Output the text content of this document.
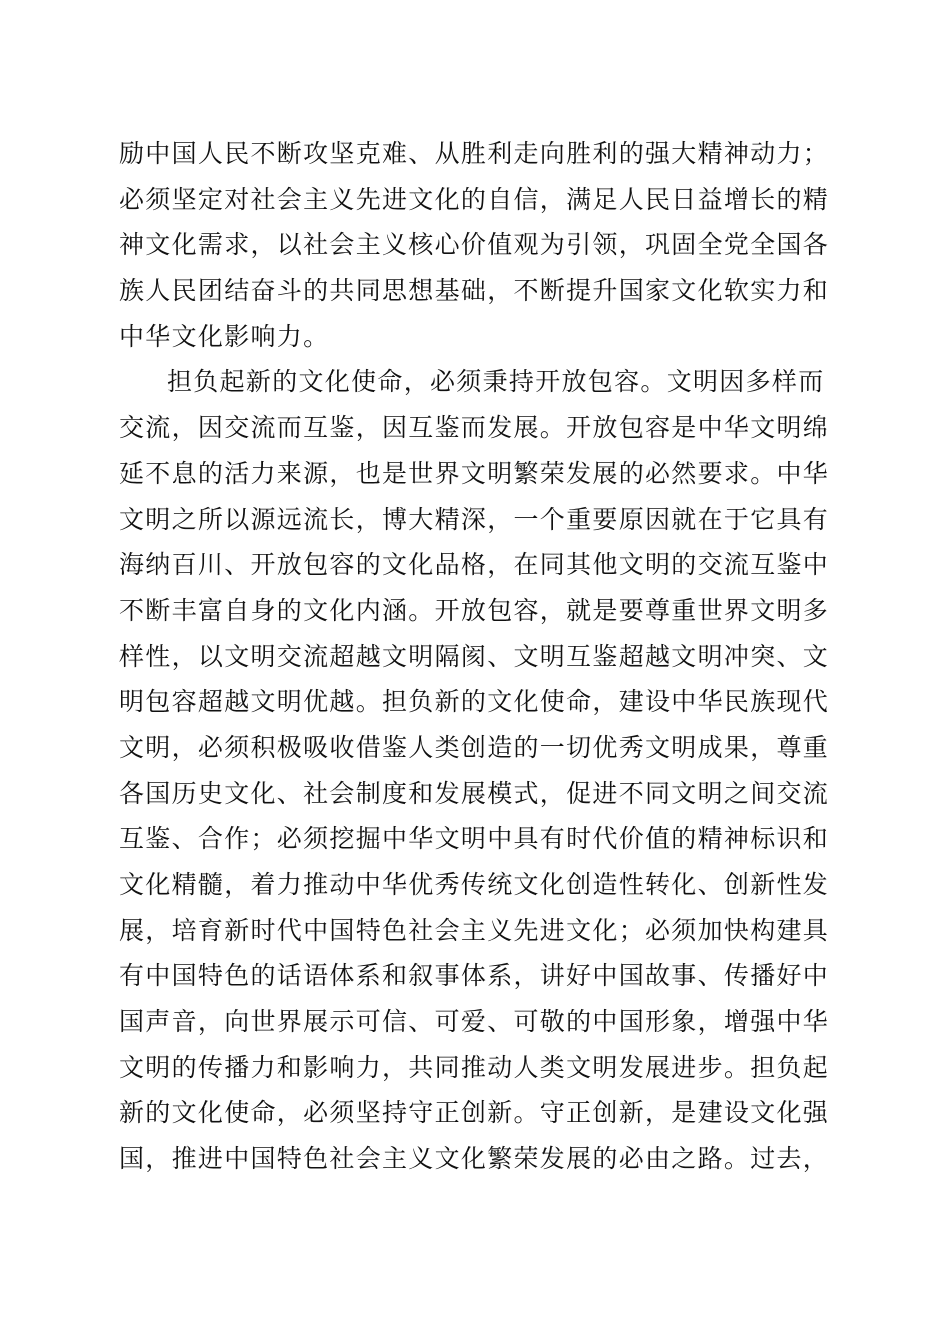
励中国人民不断攻坚克难、从胜利走向胜利的强大精神动力；
必须坚定对社会主义先进文化的自信，满足人民日益增长的精
神文化需求，以社会主义核心价值观为引领，巩固全党全国各
族人民团结奋斗的共同思想基础，不断提升国家文化软实力和
中华文化影响力。
担负起新的文化使命，必须秉持开放包容。文明因多样而
交流，因交流而互鉴，因互鉴而发展。开放包容是中华文明绵
延不息的活力来源，也是世界文明繁荣发展的必然要求。中华
文明之所以源远流长，博大精深，一个重要原因就在于它具有
海纳百川、开放包容的文化品格，在同其他文明的交流互鉴中
不断丰富自身的文化内涵。开放包容，就是要尊重世界文明多
样性，以文明交流超越文明隔阂、文明互鉴超越文明冲突、文
明包容超越文明优越。担负新的文化使命，建设中华民族现代
文明，必须积极吸收借鉴人类创造的一切优秀文明成果，尊重
各国历史文化、社会制度和发展模式，促进不同文明之间交流
互鉴、合作；必须挖掘中华文明中具有时代价值的精神标识和
文化精髓，着力推动中华优秀传统文化创造性转化、创新性发
展，培育新时代中国特色社会主义先进文化；必须加快构建具
有中国特色的话语体系和叙事体系，讲好中国故事、传播好中
国声音，向世界展示可信、可爱、可敬的中国形象，增强中华
文明的传播力和影响力，共同推动人类文明发展进步。担负起
新的文化使命，必须坚持守正创新。守正创新，是建设文化强
国，推进中国特色社会主义文化繁荣发展的必由之路。过去，
